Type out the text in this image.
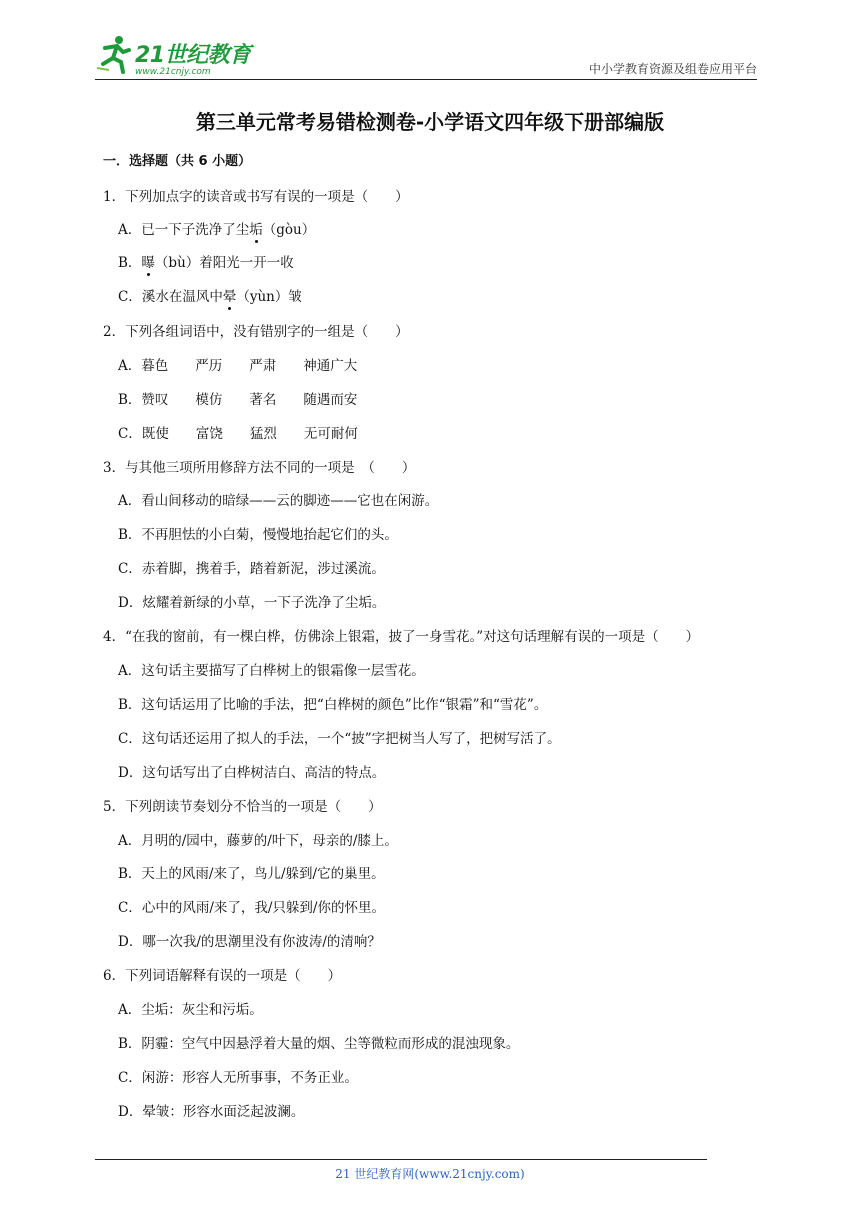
21世纪教育
www.21cnjy.com	中小学教育资源及组卷应用平台
第三单元常考易错检测卷-小学语文四年级下册部编版
一．选择题（共 6 小题）
1．下列加点字的读音或书写有误的一项是（　　）
A．已一下子洗净了尘垢（gòu）
B．曝（bù）着阳光一开一收
C．溪水在温风中晕（yùn）皱
2．下列各组词语中，没有错别字的一组是（　　）
A．暮色　　严历　　严肃　　神通广大
B．赞叹　　模仿　　著名　　随遇而安
C．既使　　富饶　　猛烈　　无可耐何
3．与其他三项所用修辞方法不同的一项是　（　　）
A．看山间移动的暗绿——云的脚迹——它也在闲游。
B．不再胆怯的小白菊，慢慢地抬起它们的头。
C．赤着脚，携着手，踏着新泥，涉过溪流。
D．炫耀着新绿的小草，一下子洗净了尘垢。
4．“在我的窗前，有一棵白桦，仿佛涂上银霜，披了一身雪花。”对这句话理解有误的一项是（　　）
A．这句话主要描写了白桦树上的银霜像一层雪花。
B．这句话运用了比喻的手法，把“白桦树的颜色”比作“银霜”和“雪花”。
C．这句话还运用了拟人的手法，一个“披”字把树当人写了，把树写活了。
D．这句话写出了白桦树洁白、高洁的特点。
5．下列朗读节奏划分不恰当的一项是（　　）
A．月明的/园中，藤萝的/叶下，母亲的/膝上。
B．天上的风雨/来了，鸟儿/躲到/它的巢里。
C．心中的风雨/来了，我/只躲到/你的怀里。
D．哪一次我/的思潮里没有你波涛/的清响？
6．下列词语解释有误的一项是（　　）
A．尘垢：灰尘和污垢。
B．阴霾：空气中因悬浮着大量的烟、尘等微粒而形成的混浊现象。
C．闲游：形容人无所事事，不务正业。
D．晕皱：形容水面泛起波澜。
21 世纪教育网(www.21cnjy.com)
